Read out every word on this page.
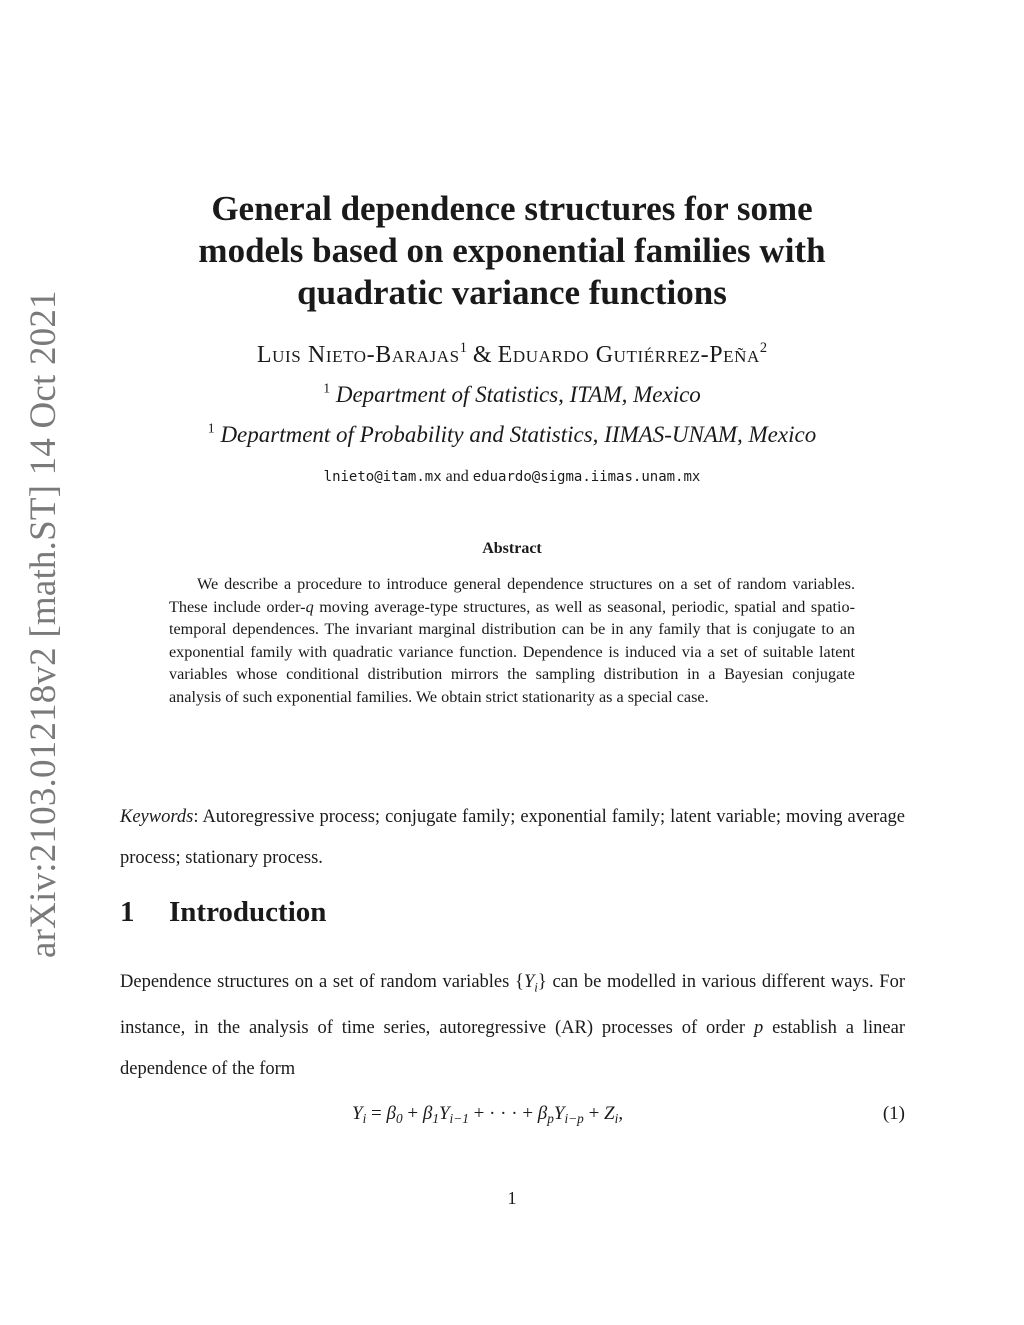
arXiv:2103.01218v2 [math.ST] 14 Oct 2021
General dependence structures for some
models based on exponential families with
quadratic variance functions
Luis Nieto-Barajas$^1$ & Eduardo Gutiérrez-Peña$^2$
$^1$ Department of Statistics, ITAM, Mexico
$^1$ Department of Probability and Statistics, IIMAS-UNAM, Mexico
lnieto@itam.mx and eduardo@sigma.iimas.unam.mx
Abstract

We describe a procedure to introduce general dependence structures on a set of random variables. These include order-q moving average-type structures, as well as seasonal, periodic, spatial and spatio-temporal dependences. The invariant marginal distribution can be in any family that is conjugate to an exponential family with quadratic variance function. Dependence is induced via a set of suitable latent variables whose conditional distribution mirrors the sampling distribution in a Bayesian conjugate analysis of such exponential families. We obtain strict stationarity as a special case.

Keywords: Autoregressive process; conjugate family; exponential family; latent variable; moving average process; stationary process.

1 Introduction

Dependence structures on a set of random variables $\{Y_i\}$ can be modelled in various different ways. For instance, in the analysis of time series, autoregressive (AR) processes of order p establish a linear dependence of the form

$Y_i = \beta_0 + \beta_1Y_{i-1}$ + · · · + $\beta_pY_{i-p} + Z_i$,	(1)
1
